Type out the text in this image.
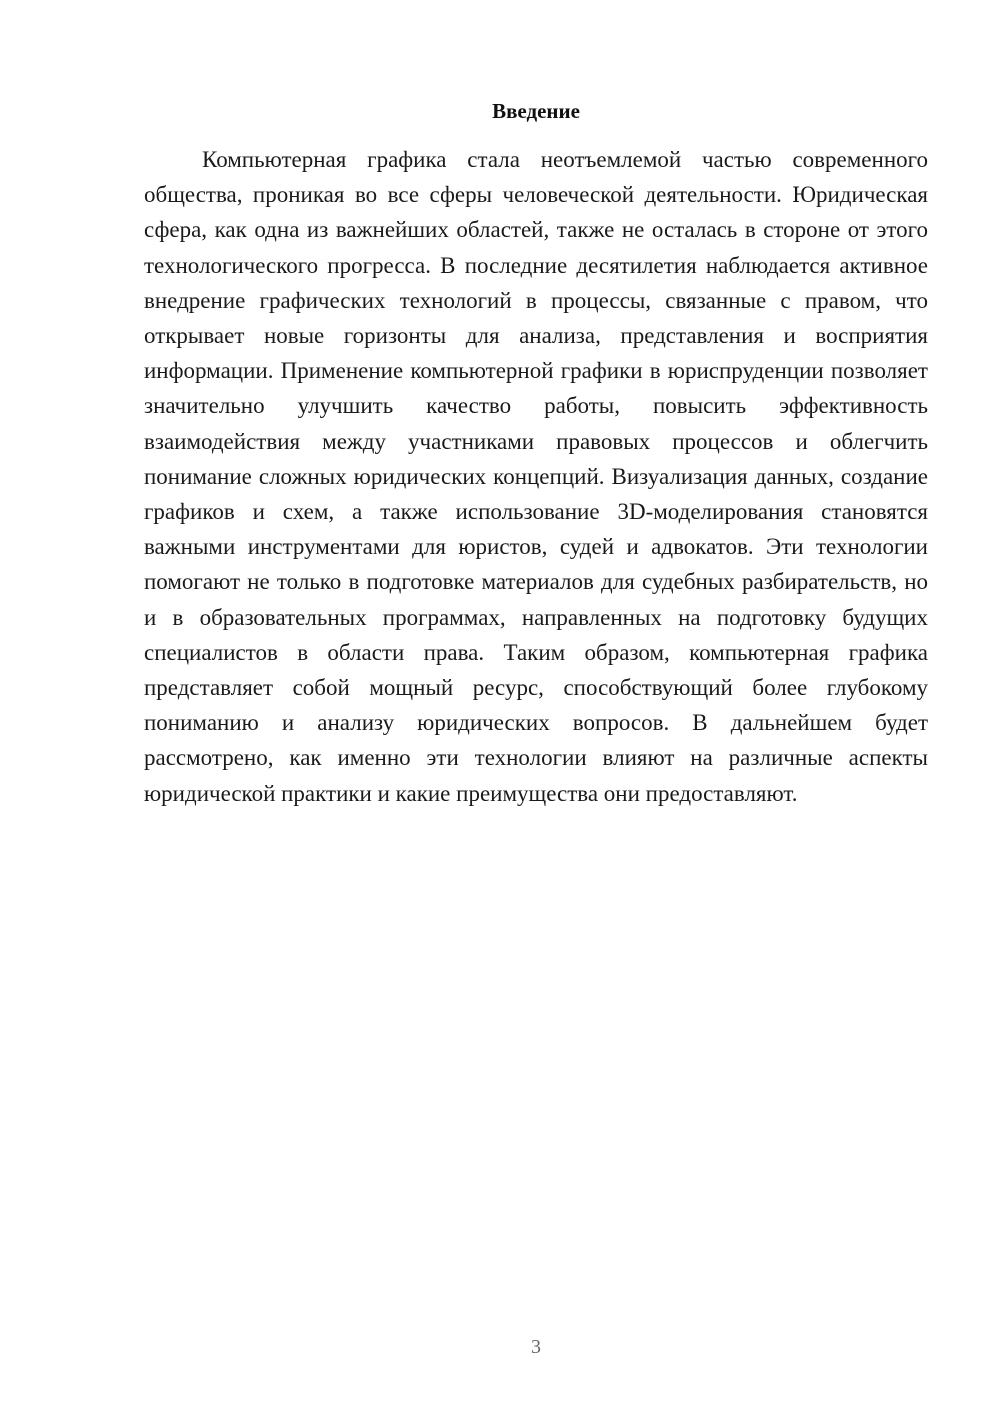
Введение

Компьютерная графика стала неотъемлемой частью современного общества, проникая во все сферы человеческой деятельности. Юридическая сфера, как одна из важнейших областей, также не осталась в стороне от этого технологического прогресса. В последние десятилетия наблюдается активное внедрение графических технологий в процессы, связанные с правом, что открывает новые горизонты для анализа, представления и восприятия информации. Применение компьютерной графики в юриспруденции позволяет значительно улучшить качество работы, повысить эффективность взаимодействия между участниками правовых процессов и облегчить понимание сложных юридических концепций. Визуализация данных, создание графиков и схем, а также использование 3D-моделирования становятся важными инструментами для юристов, судей и адвокатов. Эти технологии помогают не только в подготовке материалов для судебных разбирательств, но и в образовательных программах, направленных на подготовку будущих специалистов в области права. Таким образом, компьютерная графика представляет собой мощный ресурс, способствующий более глубокому пониманию и анализу юридических вопросов. В дальнейшем будет рассмотрено, как именно эти технологии влияют на различные аспекты юридической практики и какие преимущества они предоставляют.

3
